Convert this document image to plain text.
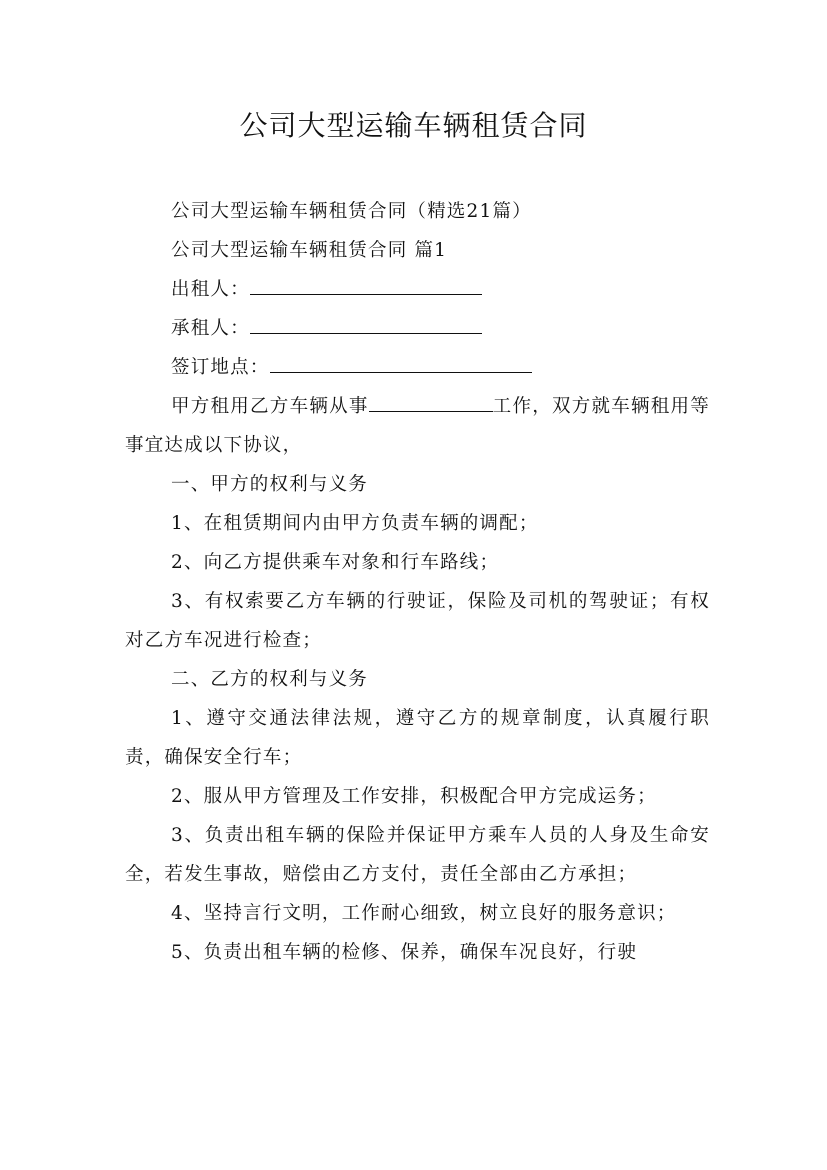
公司大型运输车辆租赁合同

公司大型运输车辆租赁合同（精选21篇）

公司大型运输车辆租赁合同 篇1

出租人：

承租人：

签订地点：

甲方租用乙方车辆从事	工作，双方就车辆租用等事宜达成以下协议，

一、甲方的权利与义务

1、在租赁期间内由甲方负责车辆的调配；

2、向乙方提供乘车对象和行车路线；

3、有权索要乙方车辆的行驶证，保险及司机的驾驶证；有权对乙方车况进行检查；

二、乙方的权利与义务

1、遵守交通法律法规，遵守乙方的规章制度，认真履行职责，确保安全行车；

2、服从甲方管理及工作安排，积极配合甲方完成运务；

3、负责出租车辆的保险并保证甲方乘车人员的人身及生命安全，若发生事故，赔偿由乙方支付，责任全部由乙方承担；

4、坚持言行文明，工作耐心细致，树立良好的服务意识；

5、负责出租车辆的检修、保养，确保车况良好，行驶
